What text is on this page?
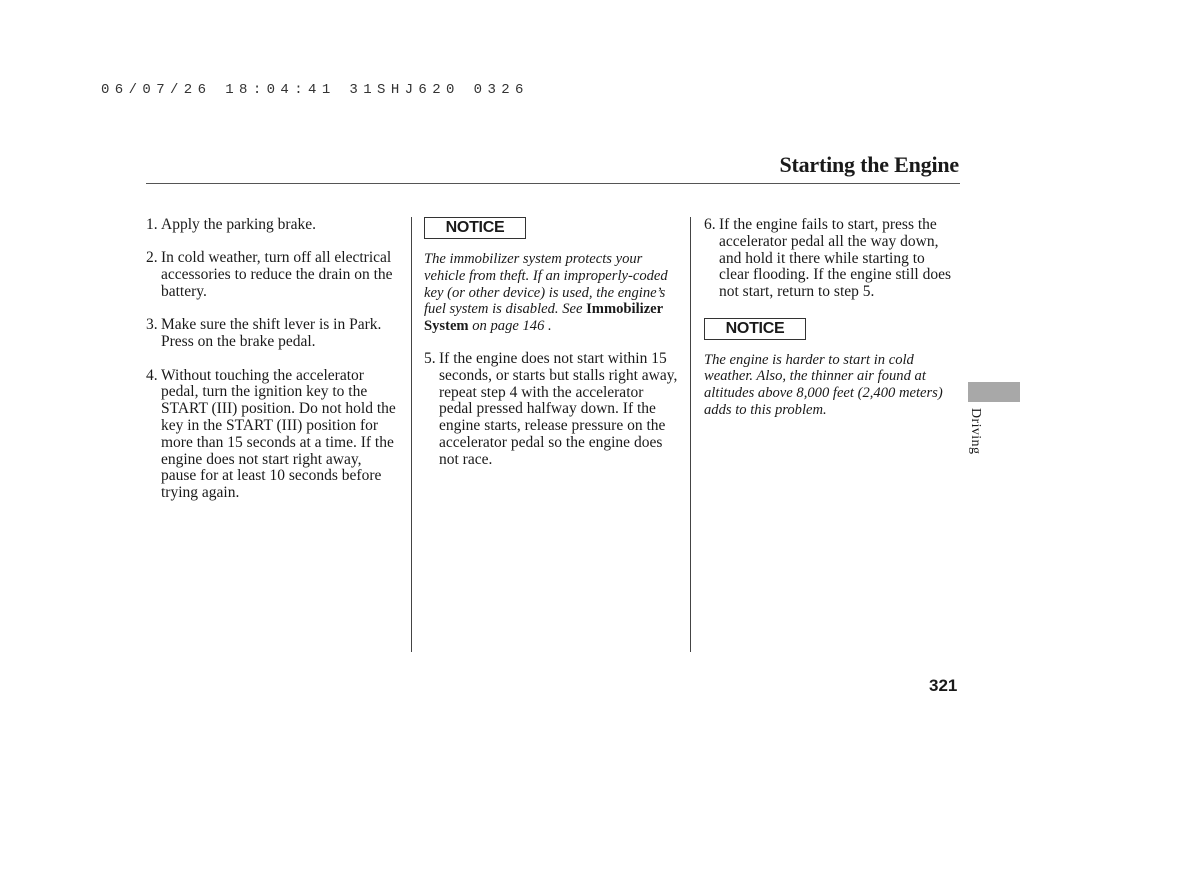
06/07/26 18:04:41 31SHJ620 0326
Starting the Engine
1. Apply the parking brake.
2. In cold weather, turn off all electrical accessories to reduce the drain on the battery.
3. Make sure the shift lever is in Park. Press on the brake pedal.
4. Without touching the accelerator pedal, turn the ignition key to the START (III) position. Do not hold the key in the START (III) position for more than 15 seconds at a time. If the engine does not start right away, pause for at least 10 seconds before trying again.
NOTICE
The immobilizer system protects your vehicle from theft. If an improperly-coded key (or other device) is used, the engine’s fuel system is disabled. See Immobilizer System on page 146 .
5. If the engine does not start within 15 seconds, or starts but stalls right away, repeat step 4 with the accelerator pedal pressed halfway down. If the engine starts, release pressure on the accelerator pedal so the engine does not race.
6. If the engine fails to start, press the accelerator pedal all the way down, and hold it there while starting to clear flooding. If the engine still does not start, return to step 5.
NOTICE
The engine is harder to start in cold weather. Also, the thinner air found at altitudes above 8,000 feet (2,400 meters) adds to this problem.	Driving
321
